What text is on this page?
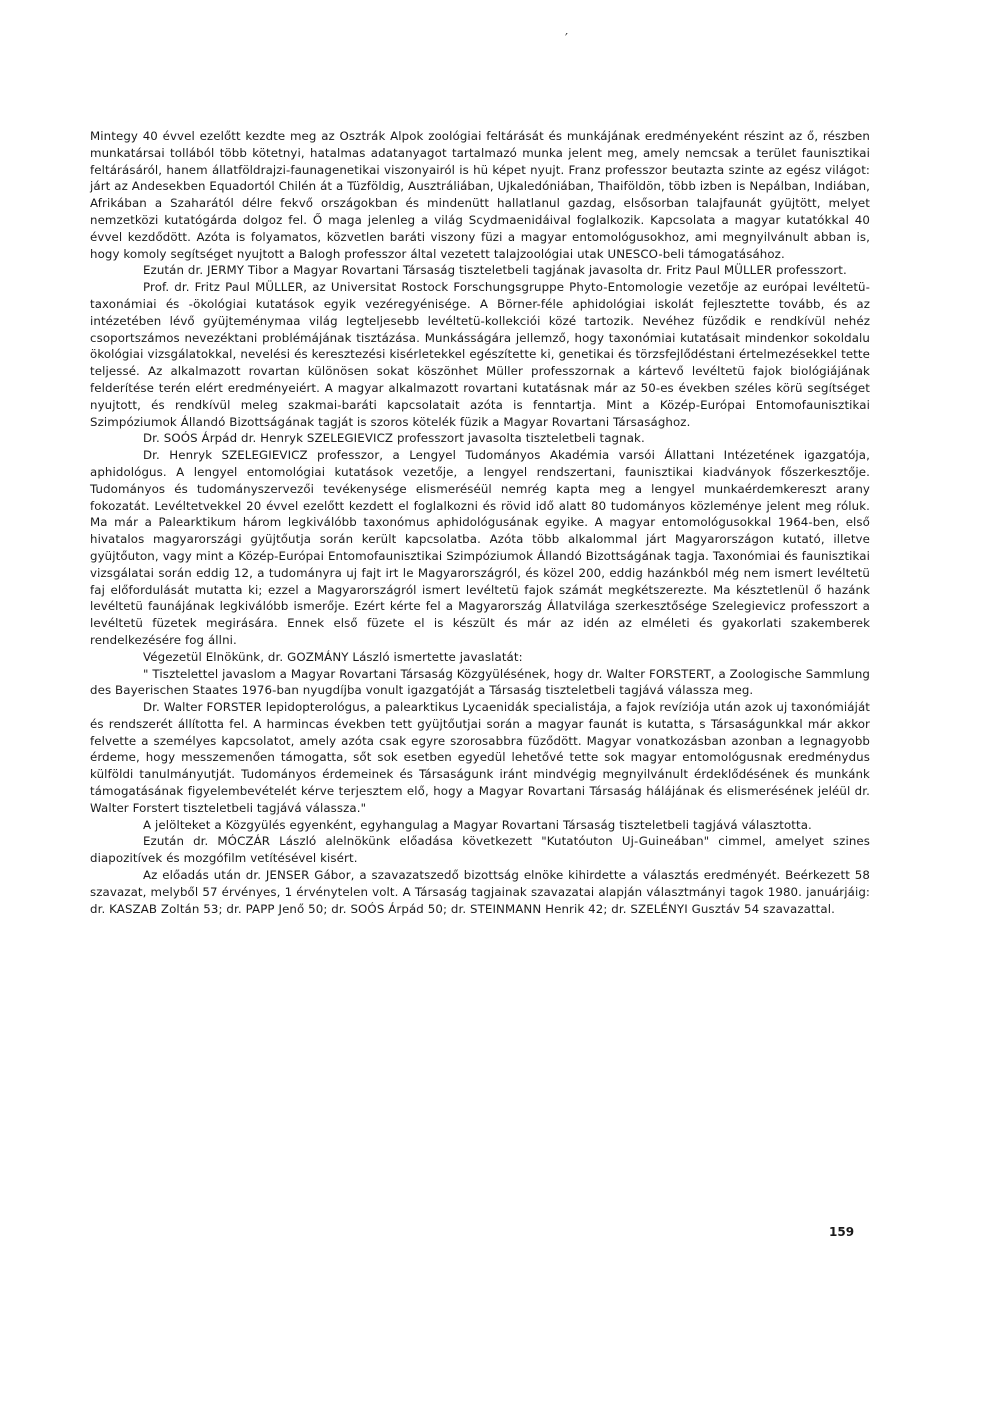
′

Mintegy 40 évvel ezelőtt kezdte meg az Osztrák Alpok zoológiai feltárását és munkájának eredményeként részint az ő, részben munkatársai tollából több kötetnyi, hatalmas adatanyagot tartalmazó munka jelent meg, amely nemcsak a terület faunisztikai feltárásáról, hanem állatföldrajzi-faunagenetikai viszonyairól is hü képet nyujt. Franz professzor beutazta szinte az egész világot: járt az Andesekben Equadortól Chilén át a Tüzföldig, Ausztráliában, Ujkaledóniában, Thaiföldön, több izben is Nepálban, Indiában, Afrikában a Szaharától délre fekvő országokban és mindenütt hallatlanul gazdag, elsősorban talajfaunát gyüjtött, melyet nemzetközi kutatógárda dolgoz fel. Ő maga jelenleg a világ Scydmaenidáival foglalkozik. Kapcsolata a magyar kutatókkal 40 évvel kezdődött. Azóta is folyamatos, közvetlen baráti viszony füzi a magyar entomológusokhoz, ami megnyilvánult abban is, hogy komoly segítséget nyujtott a Balogh professzor által vezetett talajzoológiai utak UNESCO-beli támogatásához.

Ezután dr. JERMY Tibor a Magyar Rovartani Társaság tiszteletbeli tagjának javasolta dr. Fritz Paul MÜLLER professzort.

Prof. dr. Fritz Paul MÜLLER, az Universitat Rostock Forschungsgruppe Phyto-Entomologie vezetője az európai levéltetü-taxonámiai és -ökológiai kutatások egyik vezéregyénisége. A Börner-féle aphidológiai iskolát fejlesztette tovább, és az intézetében lévő gyüjteménymaa világ legteljesebb levéltetü-kollekciói közé tartozik. Nevéhez füződik e rendkívül nehéz csoportszámos nevezéktani problémájának tisztázása. Munkásságára jellemző, hogy taxonómiai kutatásait mindenkor sokoldalu ökológiai vizsgálatokkal, nevelési és keresztezési kisérletekkel egészítette ki, genetikai és törzsfejlődéstani értelmezésekkel tette teljessé. Az alkalmazott rovartan különösen sokat köszönhet Müller professzornak a kártevő levéltetü fajok biológiájának felderítése terén elért eredményeiért. A magyar alkalmazott rovartani kutatásnak már az 50-es években széles körü segítséget nyujtott, és rendkívül meleg szakmai-baráti kapcsolatait azóta is fenntartja. Mint a Közép-Európai Entomofaunisztikai Szimpóziumok Állandó Bizottságának tagját is szoros kötelék füzik a Magyar Rovartani Társasághoz.

Dr. SOÓS Árpád dr. Henryk SZELEGIEVICZ professzort javasolta tiszteletbeli tagnak.

Dr. Henryk SZELEGIEVICZ professzor, a Lengyel Tudományos Akadémia varsói Állattani Intézetének igazgatója, aphidológus. A lengyel entomológiai kutatások vezetője, a lengyel rendszertani, faunisztikai kiadványok főszerkesztője. Tudományos és tudományszervezői tevékenysége elismeréséül nemrég kapta meg a lengyel munkaérdemkereszt arany fokozatát. Levéltetvekkel 20 évvel ezelőtt kezdett el foglalkozni és rövid idő alatt 80 tudományos közleménye jelent meg róluk. Ma már a Palearktikum három legkiválóbb taxonómus aphidológusának egyike. A magyar entomológusokkal 1964-ben, első hivatalos magyarországi gyüjtőutja során került kapcsolatba. Azóta több alkalommal járt Magyarországon kutató, illetve gyüjtőuton, vagy mint a Közép-Európai Entomofaunisztikai Szimpóziumok Állandó Bizottságának tagja. Taxonómiai és faunisztikai vizsgálatai során eddig 12, a tudományra uj fajt irt le Magyarországról, és közel 200, eddig hazánkból még nem ismert levéltetü faj előfordulását mutatta ki; ezzel a Magyarországról ismert levéltetü fajok számát megkétszerezte. Ma késztetlenül ő hazánk levéltetü faunájának legkiválóbb ismerője. Ezért kérte fel a Magyarország Állatvilága szerkesztősége Szelegievicz professzort a levéltetü füzetek megirására. Ennek első füzete el is készült és már az idén az elméleti és gyakorlati szakemberek rendelkezésére fog állni.

Végezetül Elnökünk, dr. GOZMÁNY László ismertette javaslatát:

" Tisztelettel javaslom a Magyar Rovartani Társaság Közgyülésének, hogy dr. Walter FORSTERT, a Zoologische Sammlung des Bayerischen Staates 1976-ban nyugdíjba vonult igazgatóját a Társaság tiszteletbeli tagjává válassza meg.

Dr. Walter FORSTER lepidopterológus, a palearktikus Lycaenidák specialistája, a fajok revíziója után azok uj taxonómiáját és rendszerét állította fel. A harmincas években tett gyüjtőutjai során a magyar faunát is kutatta, s Társaságunkkal már akkor felvette a személyes kapcsolatot, amely azóta csak egyre szorosabbra füződött. Magyar vonatkozásban azonban a legnagyobb érdeme, hogy messzemenően támogatta, sőt sok esetben egyedül lehetővé tette sok magyar entomológusnak eredménydus külföldi tanulmányutját. Tudományos érdemeinek és Társaságunk iránt mindvégig megnyilvánult érdeklődésének és munkánk támogatásának figyelembevételét kérve terjesztem elő, hogy a Magyar Rovartani Társaság hálájának és elismerésének jeléül dr. Walter Forstert tiszteletbeli tagjává válassza."

A jelölteket a Közgyülés egyenként, egyhangulag a Magyar Rovartani Társaság tiszteletbeli tagjává választotta.

Ezután dr. MÓCZÁR László alelnökünk előadása következett "Kutatóuton Uj-Guineában" cimmel, amelyet szines diapozitívek és mozgófilm vetítésével kisért.

Az előadás után dr. JENSER Gábor, a szavazatszedő bizottság elnöke kihirdette a választás eredményét. Beérkezett 58 szavazat, melyből 57 érvényes, 1 érvénytelen volt. A Társaság tagjainak szavazatai alapján választmányi tagok 1980. januárjáig: dr. KASZAB Zoltán 53; dr. PAPP Jenő 50; dr. SOÓS Árpád 50; dr. STEINMANN Henrik 42; dr. SZELÉNYI Gusztáv 54 szavazattal.

159
